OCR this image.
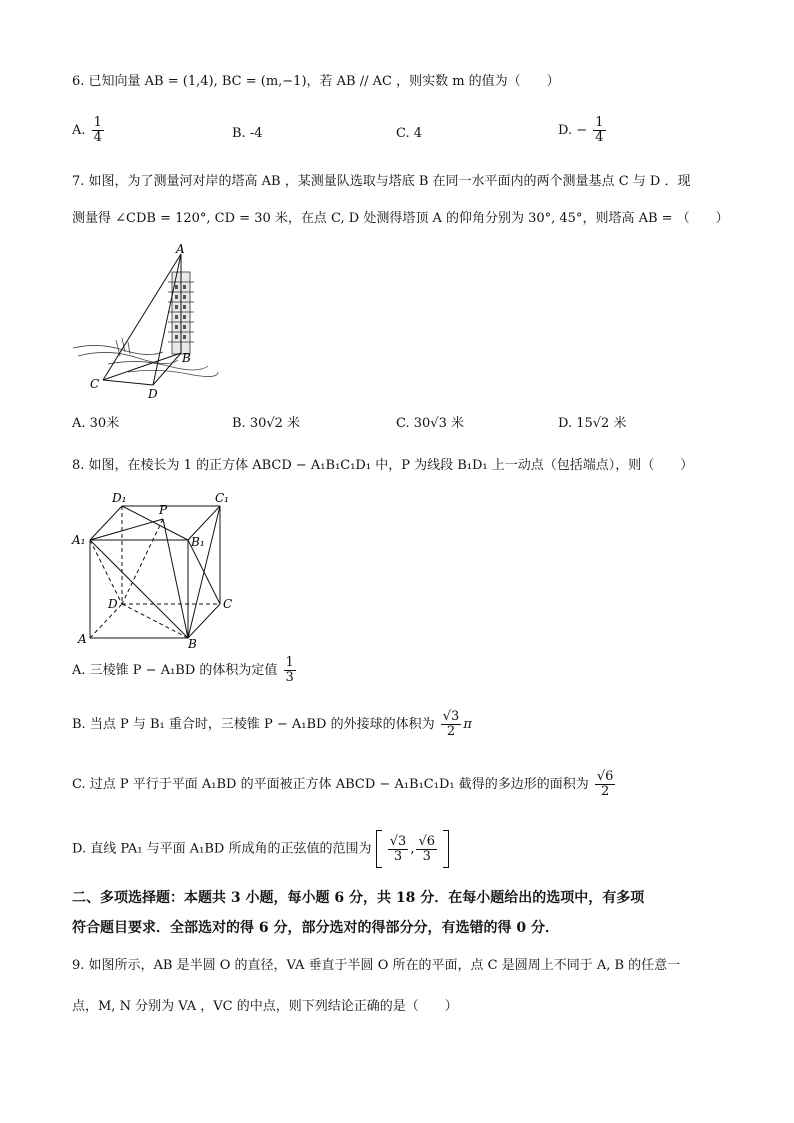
6. 已知向量 AB = (1,4), BC = (m,−1)，若 AB // AC ，则实数 m 的值为（　　）
A. $\frac{1}{4}$	B. -4	C. 4	D. − $\frac{1}{4}$
7. 如图，为了测量河对岸的塔高 AB ，某测量队选取与塔底 B 在同一水平面内的两个测量基点 C 与 D ．现
测量得 ∠CDB = 120°, CD = 30 米，在点 C, D 处测得塔顶 A 的仰角分别为 30°, 45°，则塔高 AB = （　　）
A
B
C
D
A. 30米	B. 30√2 米	C. 30√3 米	D. 15√2 米
8. 如图，在棱长为 1 的正方体 ABCD − A₁B₁C₁D₁ 中，P 为线段 B₁D₁ 上一动点（包括端点），则（　　）
D₁	C₁
P
A₁	B₁
D	C
A	B
A. 三棱锥 P − A₁BD 的体积为定值 $\frac{1}{3}$
B. 当点 P 与 B₁ 重合时，三棱锥 P − A₁BD 的外接球的体积为 $\frac{√3}{2}$ π
C. 过点 P 平行于平面 A₁BD 的平面被正方体 ABCD − A₁B₁C₁D₁ 截得的多边形的面积为 $\frac{√6}{2}$
D. 直线 PA₁ 与平面 A₁BD 所成角的正弦值的范围为 $\frac{√3}{3}$ , $\frac{√6}{3}$

二、多项选择题：本题共 3 小题，每小题 6 分，共 18 分．在每小题给出的选项中，有多项
符合题目要求．全部选对的得 6 分，部分选对的得部分分，有选错的得 0 分．
9. 如图所示，AB 是半圆 O 的直径，VA 垂直于半圆 O 所在的平面，点 C 是圆周上不同于 A, B 的任意一
点，M, N 分别为 VA ，VC 的中点，则下列结论正确的是（　　）
